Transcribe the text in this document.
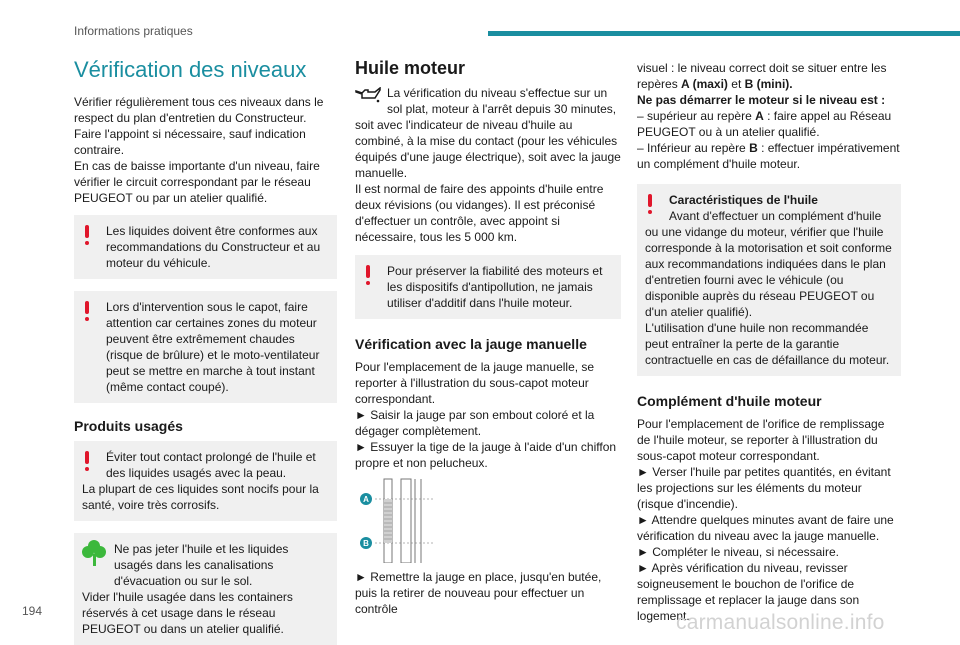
Informations pratiques
Vérification des niveaux

Vérifier régulièrement tous ces niveaux dans le respect du plan d'entretien du Constructeur. Faire l'appoint si nécessaire, sauf indication contraire.

En cas de baisse importante d'un niveau, faire vérifier le circuit correspondant par le réseau PEUGEOT ou par un atelier qualifié.

Les liquides doivent être conformes aux recommandations du Constructeur et au moteur du véhicule.

Lors d'intervention sous le capot, faire attention car certaines zones du moteur peuvent être extrêmement chaudes (risque de brûlure) et le moto-ventilateur peut se mettre en marche à tout instant (même contact coupé).

Produits usagés

Éviter tout contact prolongé de l'huile et des liquides usagés avec la peau.

La plupart de ces liquides sont nocifs pour la santé, voire très corrosifs.

Ne pas jeter l'huile et les liquides usagés dans les canalisations d'évacuation ou sur le sol.

Vider l'huile usagée dans les containers réservés à cet usage dans le réseau PEUGEOT ou dans un atelier qualifié.

Huile moteur

La vérification du niveau s'effectue sur un sol plat, moteur à l'arrêt depuis 30 minutes, soit avec l'indicateur de niveau d'huile au combiné, à la mise du contact (pour les véhicules équipés d'une jauge électrique), soit avec la jauge manuelle.

Il est normal de faire des appoints d'huile entre deux révisions (ou vidanges). Il est préconisé d'effectuer un contrôle, avec appoint si nécessaire, tous les 5 000 km.

Pour préserver la fiabilité des moteurs et les dispositifs d'antipollution, ne jamais utiliser d'additif dans l'huile moteur.

Vérification avec la jauge manuelle

Pour l'emplacement de la jauge manuelle, se reporter à l'illustration du sous-capot moteur correspondant.

► Saisir la jauge par son embout coloré et la dégager complètement.

► Essuyer la tige de la jauge à l'aide d'un chiffon propre et non pelucheux.

A
B

► Remettre la jauge en place, jusqu'en butée, puis la retirer de nouveau pour effectuer un contrôle

visuel : le niveau correct doit se situer entre les repères A (maxi) et B (mini).

Ne pas démarrer le moteur si le niveau est :

– supérieur au repère A : faire appel au Réseau PEUGEOT ou à un atelier qualifié.

– Inférieur au repère B : effectuer impérativement un complément d'huile moteur.

Caractéristiques de l'huile

Avant d'effectuer un complément d'huile ou une vidange du moteur, vérifier que l'huile corresponde à la motorisation et soit conforme aux recommandations indiquées dans le plan d'entretien fourni avec le véhicule (ou disponible auprès du réseau PEUGEOT ou d'un atelier qualifié).

L'utilisation d'une huile non recommandée peut entraîner la perte de la garantie contractuelle en cas de défaillance du moteur.

Complément d'huile moteur

Pour l'emplacement de l'orifice de remplissage de l'huile moteur, se reporter à l'illustration du sous-capot moteur correspondant.

► Verser l'huile par petites quantités, en évitant les projections sur les éléments du moteur (risque d'incendie).

► Attendre quelques minutes avant de faire une vérification du niveau avec la jauge manuelle.

► Compléter le niveau, si nécessaire.

► Après vérification du niveau, revisser soigneusement le bouchon de l'orifice de remplissage et replacer la jauge dans son logement.

194	carmanualsonline.info
